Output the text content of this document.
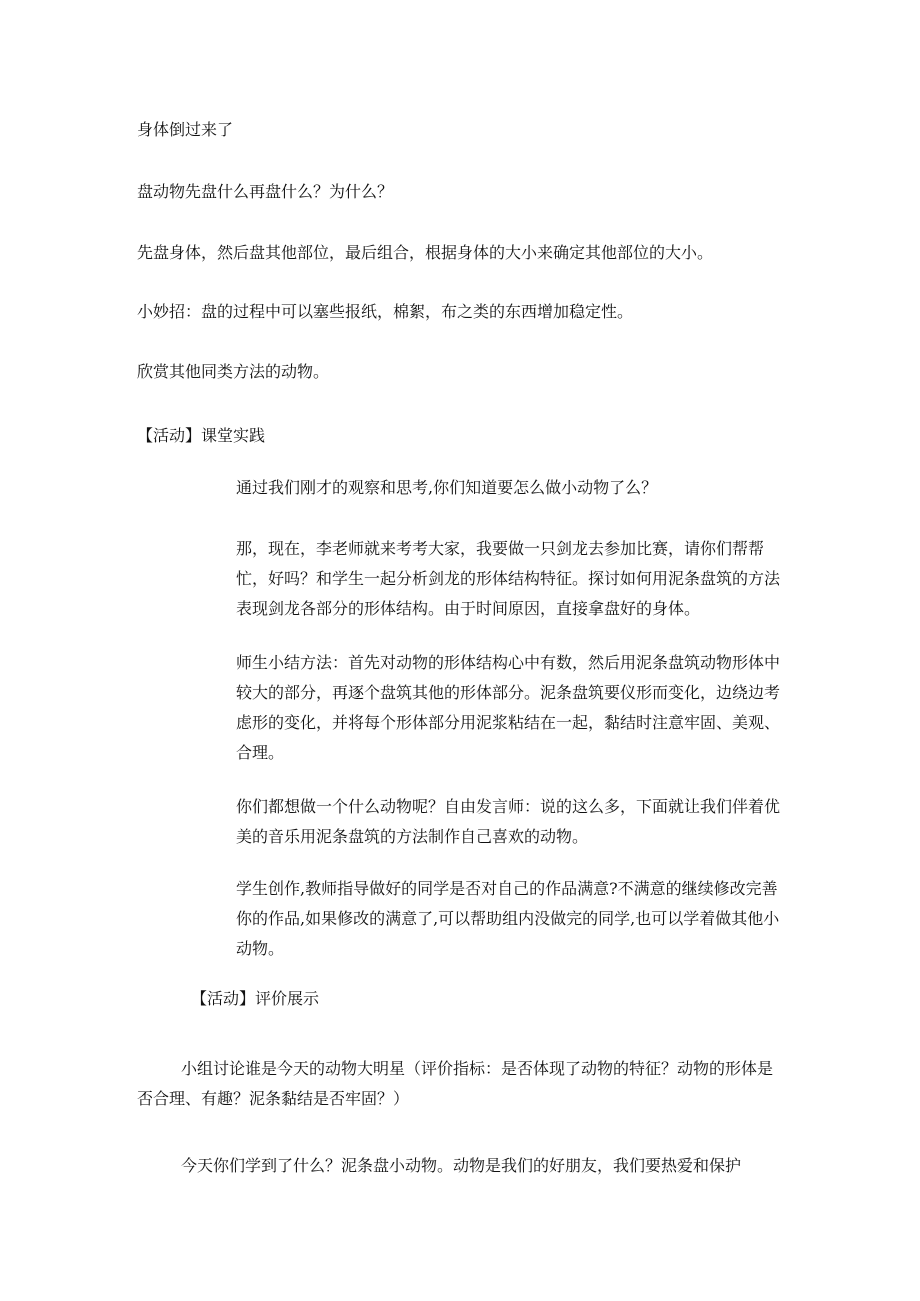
身体倒过来了

盘动物先盘什么再盘什么？为什么？

先盘身体，然后盘其他部位，最后组合，根据身体的大小来确定其他部位的大小。

小妙招：盘的过程中可以塞些报纸，棉絮，布之类的东西增加稳定性。

欣赏其他同类方法的动物。

【活动】课堂实践

通过我们刚才的观察和思考,你们知道要怎么做小动物了么？

那，现在，李老师就来考考大家，我要做一只剑龙去参加比赛，请你们帮帮忙，好吗？和学生一起分析剑龙的形体结构特征。探讨如何用泥条盘筑的方法表现剑龙各部分的形体结构。由于时间原因，直接拿盘好的身体。

师生小结方法：首先对动物的形体结构心中有数，然后用泥条盘筑动物形体中较大的部分，再逐个盘筑其他的形体部分。泥条盘筑要仪形而变化，边绕边考虑形的变化，并将每个形体部分用泥浆粘结在一起，黏结时注意牢固、美观、合理。

你们都想做一个什么动物呢？自由发言师：说的这么多，下面就让我们伴着优美的音乐用泥条盘筑的方法制作自己喜欢的动物。

学生创作,教师指导做好的同学是否对自己的作品满意?不满意的继续修改完善你的作品,如果修改的满意了,可以帮助组内没做完的同学,也可以学着做其他小动物。

【活动】评价展示

小组讨论谁是今天的动物大明星（评价指标：是否体现了动物的特征？动物的形体是否合理、有趣？泥条黏结是否牢固？）

今天你们学到了什么？泥条盘小动物。动物是我们的好朋友，我们要热爱和保护
